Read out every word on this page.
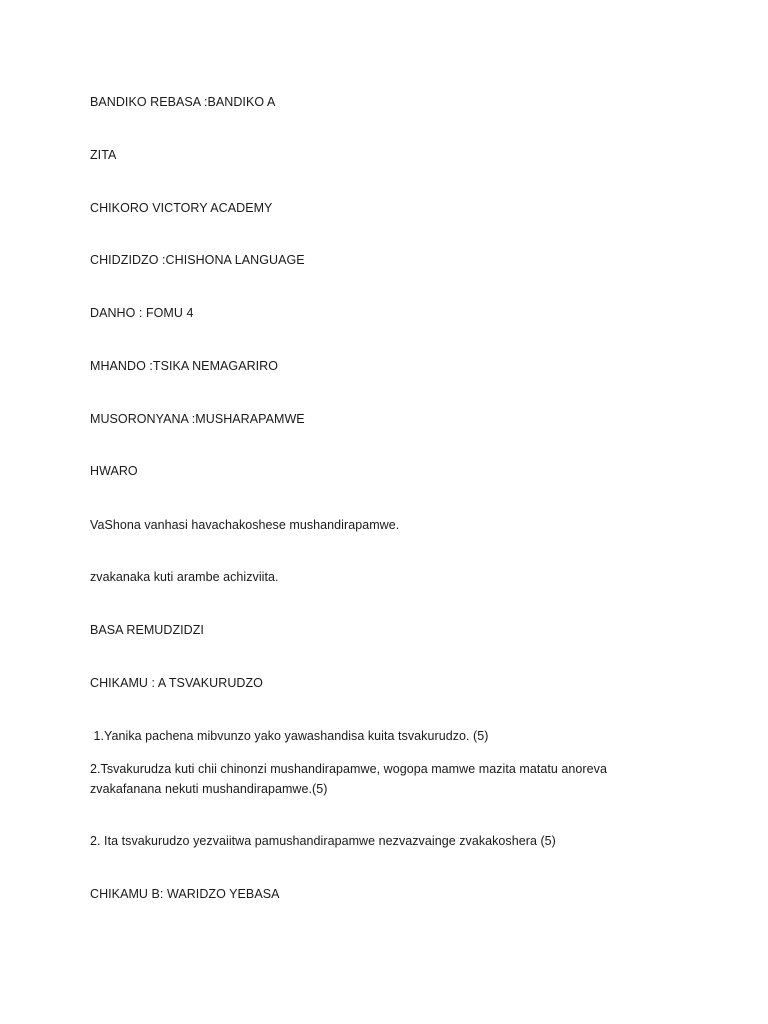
BANDIKO REBASA :BANDIKO A
ZITA
CHIKORO VICTORY ACADEMY
CHIDZIDZO :CHISHONA LANGUAGE
DANHO : FOMU 4
MHANDO :TSIKA NEMAGARIRO
MUSORONYANA :MUSHARAPAMWE
HWARO
VaShona vanhasi havachakoshese mushandirapamwe.
zvakanaka kuti arambe achizviita.
BASA REMUDZIDZI
CHIKAMU : A TSVAKURUDZO
1.Yanika pachena mibvunzo yako yawashandisa kuita tsvakurudzo. (5)
2.Tsvakurudza kuti chii chinonzi mushandirapamwe, wogopa mamwe mazita matatu anoreva zvakafanana nekuti mushandirapamwe.(5)
2. Ita tsvakurudzo yezvaiitwa pamushandirapamwe nezvazvainge zvakakoshera (5)
CHIKAMU B: WARIDZO YEBASA
